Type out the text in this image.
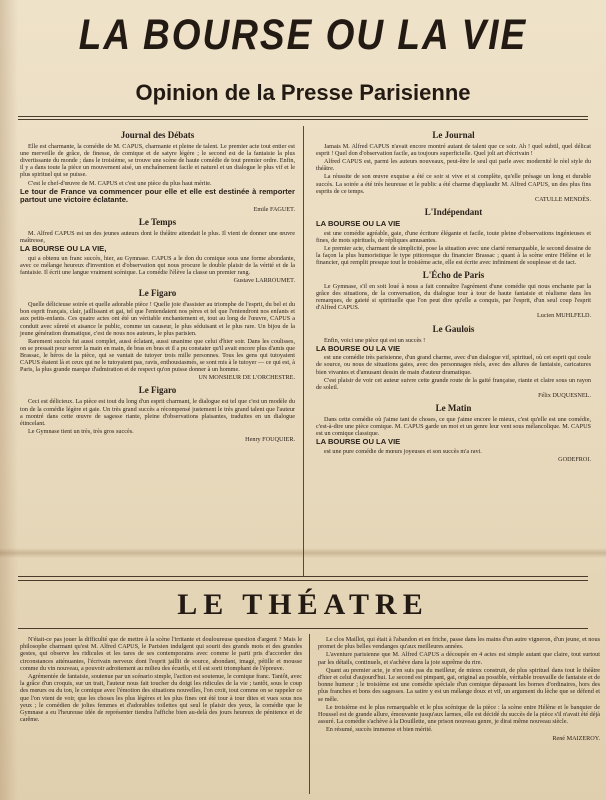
LA BOURSE OU LA VIE
Opinion de la Presse Parisienne
Journal des Débats

Elle est charmante, la comédie de M. CAPUS, charmante et pleine de talent. Le premier acte tout entier est une merveille de grâce, de finesse, de comique et de satyre légère ; le second est de la fantaisie la plus divertissante du monde ; dans le troisième, se trouve une scène de haute comédie de tout premier ordre. Enfin, il y a dans toute la pièce un mouvement aisé, un enchaînement facile et naturel et un dialogue le plus vif et le plus spirituel qui se puisse.

C'est le chef-d'œuvre de M. CAPUS et c'est une pièce du plus haut mérite.

Le tour de France va commencer pour elle et elle est destinée à remporter partout une victoire éclatante.

Emile FAGUET.

Le Temps

M. Alfred CAPUS est un des jeunes auteurs dont le théâtre attendait le plus. Il vient de donner une œuvre maîtresse,

LA BOURSE OU LA VIE,

qui a obtenu un franc succès, hier, au Gymnase. CAPUS a le don du comique sous une forme abondante, avec ce mélange heureux d'invention et d'observation qui nous procure le double plaisir de la vérité et de la fantaisie. Il écrit une langue vraiment scénique. La comédie l'élève la classe un premier rang.

Gustave LARROUMET.

Le Figaro

Quelle délicieuse soirée et quelle adorable pièce ! Quelle joie d'assister au triomphe de l'esprit, du bel et du bon esprit français, clair, jaillissant et gai, tel que l'entendaient nos pères et tel que l'entendront nos enfants et aux petits-enfants. Ces quatre actes ont été un véritable enchantement et, tout au long de l'œuvre, CAPUS a conduit avec sûreté et aisance le public, comme un causeur, le plus séduisant et le plus rare. Un bijou de la jeune génération dramatique, c'est de nous nos auteurs, le plus parisien.

Rarement succès fut aussi complet, aussi éclatant, aussi unanime que celui d'hier soir. Dans les coulisses, on se pressait pour serrer la main en main, de bras en bras et il a pu constater qu'il avait encore plus d'amis que Brassac, le héros de la pièce, qui se vantait de tutoyer trois mille personnes. Tous les gens qui tutoyaient CAPUS étaient là et ceux qui ne le tutoyaient pas, ravis, enthousiasmés, se sont mis à le tutoyer — ce qui est, à Paris, la plus grande marque d'admiration et de respect qu'on puisse donner à un homme.

UN MONSIEUR DE L'ORCHESTRE.

Le Figaro

Ceci est délicieux. La pièce est tout du long d'un esprit charmant, le dialogue est tel que c'est un modèle du ton de la comédie légère et gaie. Un très grand succès a récompensé justement le très grand talent que l'auteur a montré dans cette œuvre de sagesse riante, pleine d'observations plaisantes, traduites en un dialogue étincelant.

Le Gymnase tient un très, très gros succès.

Henry FOUQUIER.

Le Journal

Jamais M. Alfred CAPUS n'avait encore montré autant de talent que ce soir. Ah ! quel subtil, quel délicat esprit ! Quel don d'observation facile, au toujours superficielle. Quel joli art d'écrivain !

Alfred CAPUS est, parmi les auteurs nouveaux, peut-être le seul qui parle avec modernité le réel style du théâtre.

La réussite de son œuvre exquise a été ce soir si vive et si complète, qu'elle présage un long et durable succès. La soirée a été très heureuse et le public a été charme d'applaudir M. Alfred CAPUS, un des plus fins esprits de ce temps.

CATULLE MENDÈS.

L'Indépendant

LA BOURSE OU LA VIE

est une comédie agréable, gaie, d'une écriture élégante et facile, toute pleine d'observations ingénieuses et fines, de mots spirituels, de répliques amusantes.

Le premier acte, charmant de simplicité, pose la situation avec une clarté remarquable, le second dessine de la façon la plus humoristique le type pittoresque du financier Brassac ; quant à la scène entre Hélène et le financier, qui remplit presque tout le troisième acte, elle est écrite avec infiniment de souplesse et de tact.

L'Écho de Paris

Le Gymnase, s'il en soit loué à nous a fait connaître l'agrément d'une comédie qui nous enchante par la grâce des situations, de la conversation, du dialogue tour à tour de haute fantaisie et réalisme dans les remarques, de gaieté si spirituelle que l'on peut dire qu'elle a conquis, par l'esprit, d'un seul coup l'esprit d'Alfred CAPUS.

Lucien MUHLFELD.

Le Gaulois

Enfin, voici une pièce qui est un succès !

LA BOURSE OU LA VIE

est une comédie très parisienne, d'un grand charme, avec d'un dialogue vif, spirituel, où cet esprit qui coule de source, ou nous de situations gaies, avec des personnages réels, avec des allures de fantaisie, caricatures bien vivantes et d'amusant dessin de main d'auteur dramatique.

C'est plaisir de voir cet auteur suivre cette grande route de la gaité française, riante et claire sous un rayon de soleil.

Félix DUQUESNEL.

Le Matin

Dans cette comédie où j'aime tant de choses, ce que j'aime encore le mieux, c'est qu'elle est une comédie, c'est-à-dire une pièce comique. M. CAPUS garde un mot et un genre leur vent sous mélancolique. M. CAPUS est un comique classique.

LA BOURSE OU LA VIE

est une pure comédie de mœurs joyeuses et son succès m'a ravi.

GODEFROI.

LE THÉATRE

N'était-ce pas jouer la difficulté que de mettre à la scène l'irritante et douloureuse question d'argent ? Mais le philosophe charmant qu'est M. Alfred CAPUS, le Parisien indulgent qui sourit des grands mots et des grandes gestes, qui observe les ridicules et les tares de ses contemporains avec comme le parti pris d'accorder des circonstances atténuantes, l'écrivain nerveux dont l'esprit jaillit de source, abondant, imagé, pétille et mousse comme du vin nouveau, a pouvoir adroitement au milieu des écueils, et il est sorti triomphant de l'épreuve.

Agrémentée de fantaisie, soutenue par un scénario simple, l'action est soutenue, le comique franc. Tantôt, avec la grâce d'un croquis, sur un trait, l'auteur nous fait toucher du doigt les ridicules de la vie ; tantôt, sous le coup des mœurs ou du ton, le comique avec l'émotion des situations nouvelles, l'on croit, tout comme on se rappeler ce que l'on vient de voir, que les choses les plus légères et les plus fines ont été tour à tour dites et vues sous nos yeux ; le comédien de jolies femmes et d'adorables toilettes qui seul le plaisir des yeux, la comédie que le Gymnase a eu l'heureuse idée de représenter tiendra l'affiche bien au-delà des jours heureux de pénitence et de carême.

Le clos Maillot, qui était à l'abandon et en friche, passe dans les mains d'un autre vigneron, d'un jeune, et nous promet de plus belles vendanges qu'aux meilleures années.

L'aventure parisienne que M. Alfred CAPUS a découpée en 4 actes est simple autant que claire, tout surtout par les détails, continuels, et s'achève dans la joie suprême du rire.

Quant au premier acte, je n'en suis pas du meilleur, de mieux construit, de plus spirituel dans tout le théâtre d'hier et celui d'aujourd'hui. Le second est pimpant, gai, original au possible, véritable trouvaille de fantaisie et de bonne humeur ; le troisième est une comédie spéciale d'un comique dépassant les bornes d'ordinaires, hors des plus franches et bons des sagesses. La satire y est un mélange doux et vif, un argument du lèche que se défend et se mêle.

Le troisième est le plus remarquable et le plus scénique de la pièce : la scène entre Hélène et le banquier de Houssel est de grande allure, émouvante jusqu'aux larmes, elle est décidé du succès de la pièce s'il n'avait été déjà assuré. La comédie s'achève à la Douillette, une prison nouveau genre, je dirai même nouveau siècle.

En résumé, succès immense et bien mérité.

René MAIZEROY.
